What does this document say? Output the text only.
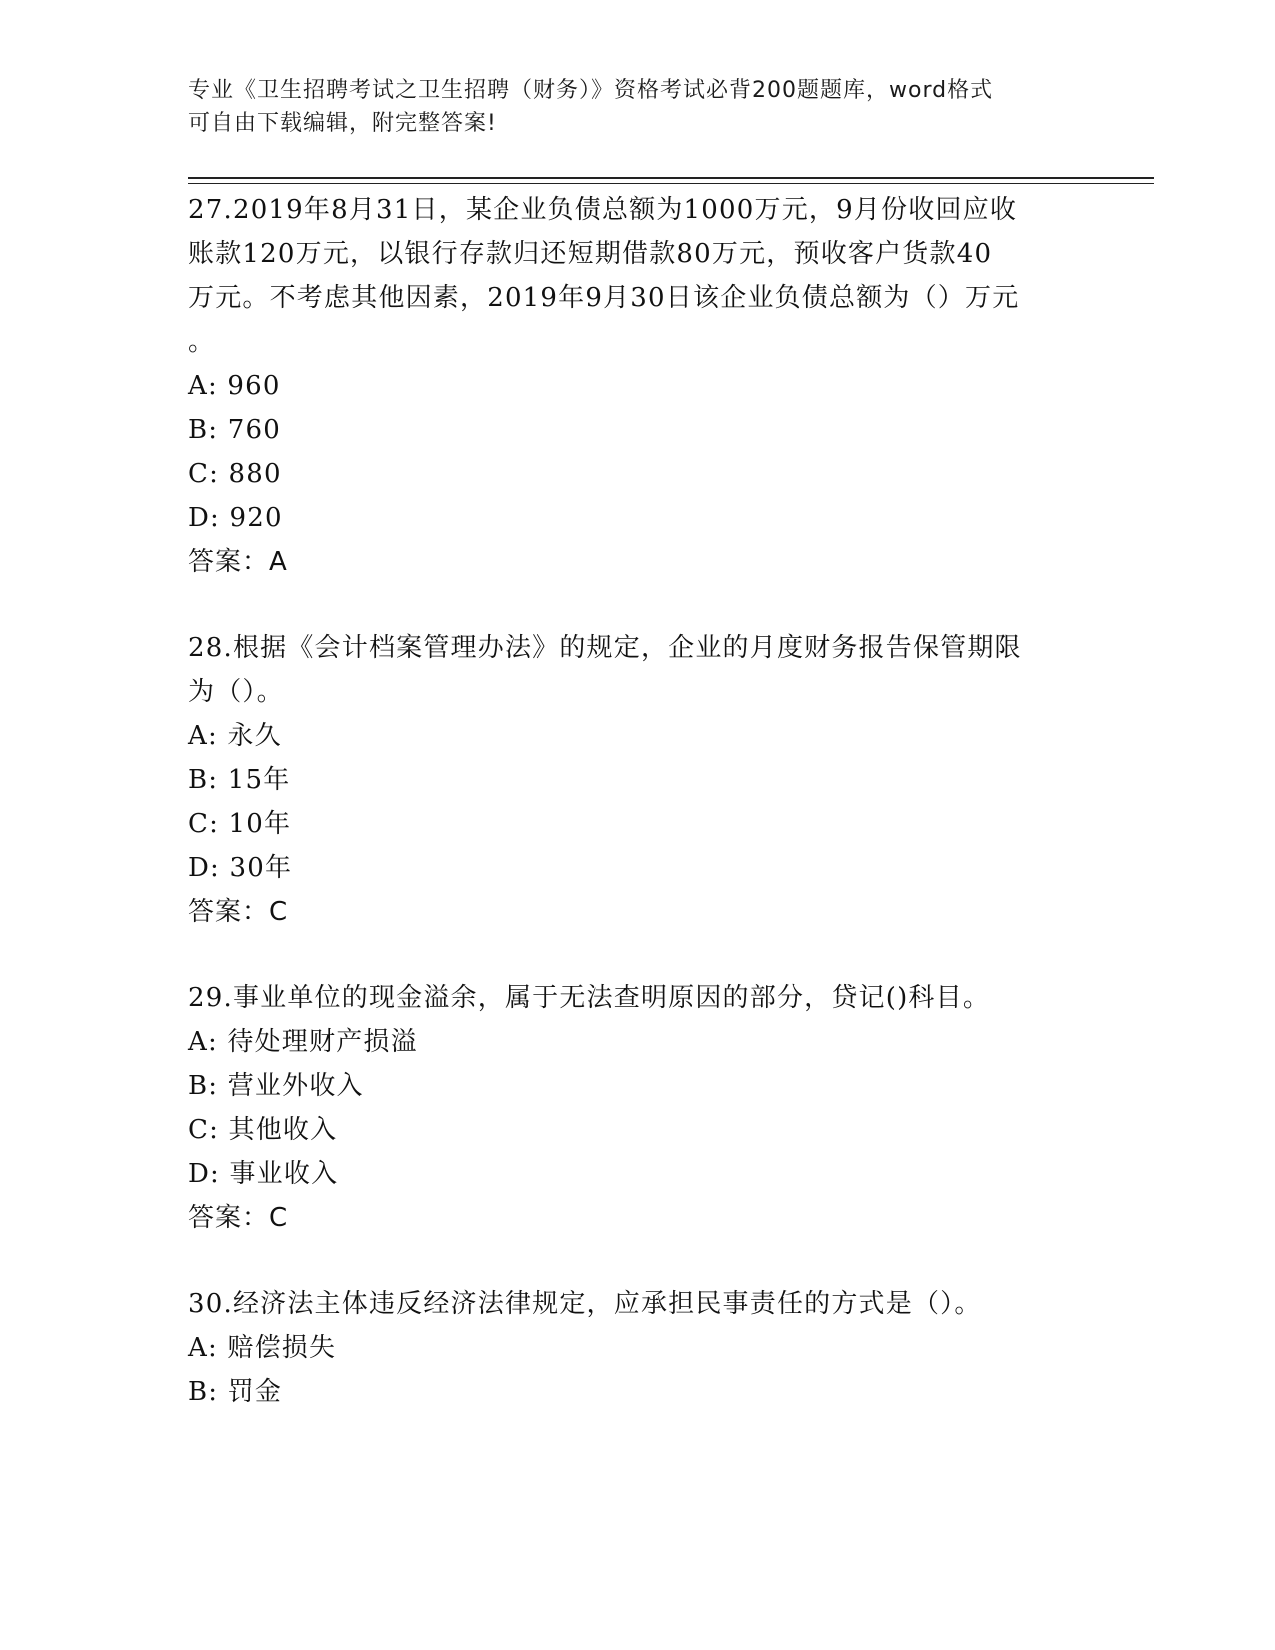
专业《卫生招聘考试之卫生招聘（财务）》资格考试必背200题题库，word格式
可自由下载编辑，附完整答案!
27.2019年8月31日，某企业负债总额为1000万元，9月份收回应收
账款120万元，以银行存款归还短期借款80万元，预收客户货款40
万元。不考虑其他因素，2019年9月30日该企业负债总额为（）万元
。
A: 960
B: 760
C: 880
D: 920
答案：A
28.根据《会计档案管理办法》的规定，企业的月度财务报告保管期限
为（）。
A: 永久
B: 15年
C: 10年
D: 30年
答案：C
29.事业单位的现金溢余，属于无法查明原因的部分，贷记()科目。
A: 待处理财产损溢
B: 营业外收入
C: 其他收入
D: 事业收入
答案：C
30.经济法主体违反经济法律规定，应承担民事责任的方式是（）。
A: 赔偿损失
B: 罚金
